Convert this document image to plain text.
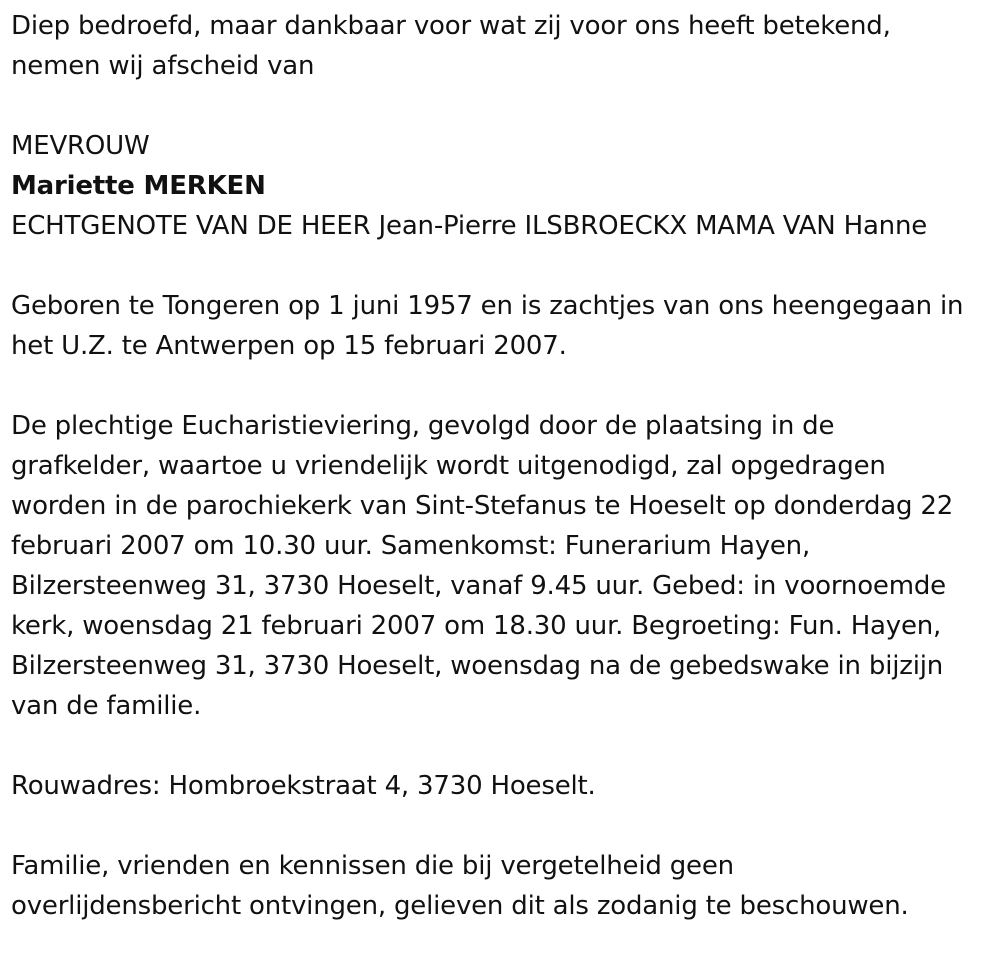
Diep bedroefd, maar dankbaar voor wat zij voor ons heeft betekend,
nemen wij afscheid van

MEVROUW

Mariette MERKEN

ECHTGENOTE VAN DE HEER Jean-Pierre ILSBROECKX MAMA VAN Hanne

Geboren te Tongeren op 1 juni 1957 en is zachtjes van ons heengegaan in
het U.Z. te Antwerpen op 15 februari 2007.

De plechtige Eucharistieviering, gevolgd door de plaatsing in de
grafkelder, waartoe u vriendelijk wordt uitgenodigd, zal opgedragen
worden in de parochiekerk van Sint-Stefanus te Hoeselt op donderdag 22
februari 2007 om 10.30 uur. Samenkomst: Funerarium Hayen,
Bilzersteenweg 31, 3730 Hoeselt, vanaf 9.45 uur. Gebed: in voornoemde
kerk, woensdag 21 februari 2007 om 18.30 uur. Begroeting: Fun. Hayen,
Bilzersteenweg 31, 3730 Hoeselt, woensdag na de gebedswake in bijzijn
van de familie.

Rouwadres: Hombroekstraat 4, 3730 Hoeselt.

Familie, vrienden en kennissen die bij vergetelheid geen
overlijdensbericht ontvingen, gelieven dit als zodanig te beschouwen.
